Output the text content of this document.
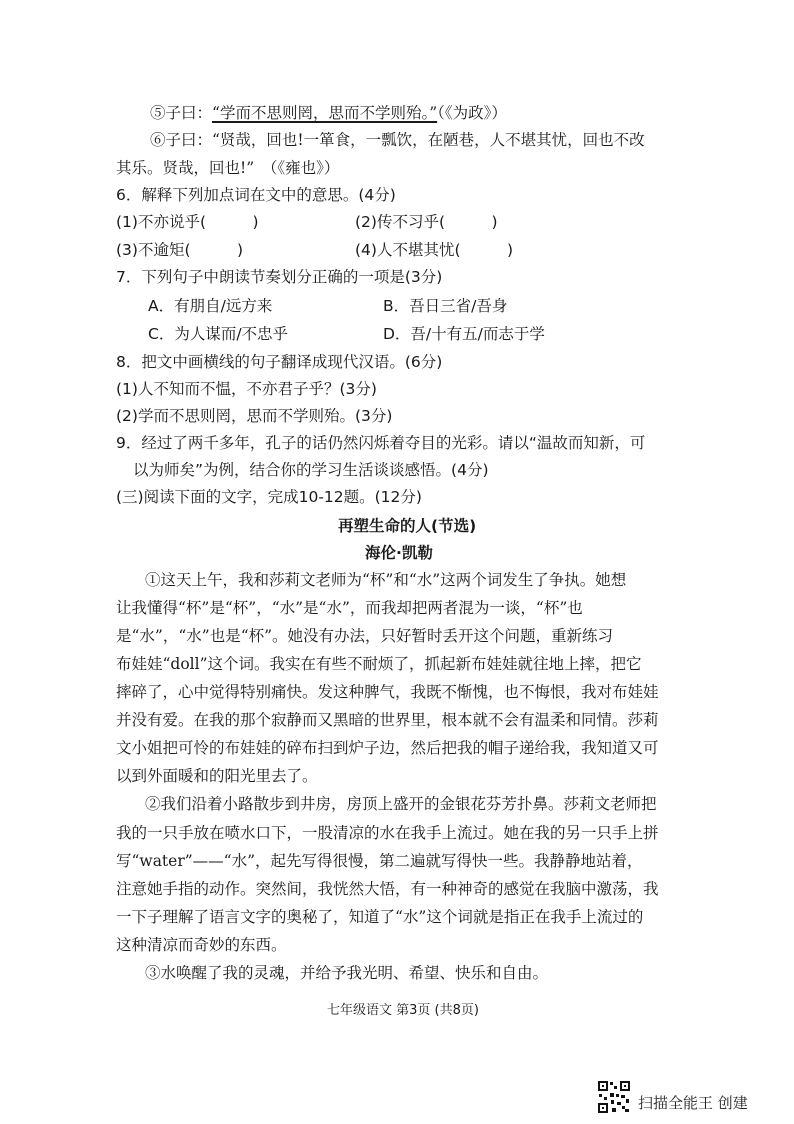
⑤子曰：“学而不思则罔，思而不学则殆。”（《为政》）
⑥子曰：“贤哉，回也!一箪食，一瓢饮，在陋巷，人不堪其忧，回也不改
其乐。贤哉，回也!”　（《雍也》）
6．解释下列加点词在文中的意思。(4分)
(1)不亦说乎(　　　)	(2)传不习乎(　　　)
(3)不逾矩(　　　)	(4)人不堪其忧(　　　)
7．下列句子中朗读节奏划分正确的一项是(3分)
A．有朋自/远方来	B．吾日三省/吾身
C．为人谋而/不忠乎	D．吾/十有五/而志于学
8．把文中画横线的句子翻译成现代汉语。(6分)
(1)人不知而不愠，不亦君子乎？(3分)
(2)学而不思则罔，思而不学则殆。(3分)
9．经过了两千多年，孔子的话仍然闪烁着夺目的光彩。请以“温故而知新，可
以为师矣”为例，结合你的学习生活谈谈感悟。(4分)
(三)阅读下面的文字，完成10-12题。(12分)
再塑生命的人(节选)
海伦·凯勒
①这天上午，我和莎莉文老师为“杯”和“水”这两个词发生了争执。她想
让我懂得“杯”是“杯”，“水”是“水”，而我却把两者混为一谈，“杯”也
是“水”，“水”也是“杯”。她没有办法，只好暂时丢开这个问题，重新练习
布娃娃“doll”这个词。我实在有些不耐烦了，抓起新布娃娃就往地上摔，把它
摔碎了，心中觉得特别痛快。发这种脾气，我既不惭愧，也不悔恨，我对布娃娃
并没有爱。在我的那个寂静而又黑暗的世界里，根本就不会有温柔和同情。莎莉
文小姐把可怜的布娃娃的碎布扫到炉子边，然后把我的帽子递给我，我知道又可
以到外面暖和的阳光里去了。
②我们沿着小路散步到井房，房顶上盛开的金银花芬芳扑鼻。莎莉文老师把
我的一只手放在喷水口下，一股清凉的水在我手上流过。她在我的另一只手上拼
写“water”——“水”，起先写得很慢，第二遍就写得快一些。我静静地站着，
注意她手指的动作。突然间，我恍然大悟，有一种神奇的感觉在我脑中激荡，我
一下子理解了语言文字的奥秘了，知道了“水”这个词就是指正在我手上流过的
这种清凉而奇妙的东西。
③水唤醒了我的灵魂，并给予我光明、希望、快乐和自由。
七年级语文 第3页 (共8页)
扫描全能王 创建
